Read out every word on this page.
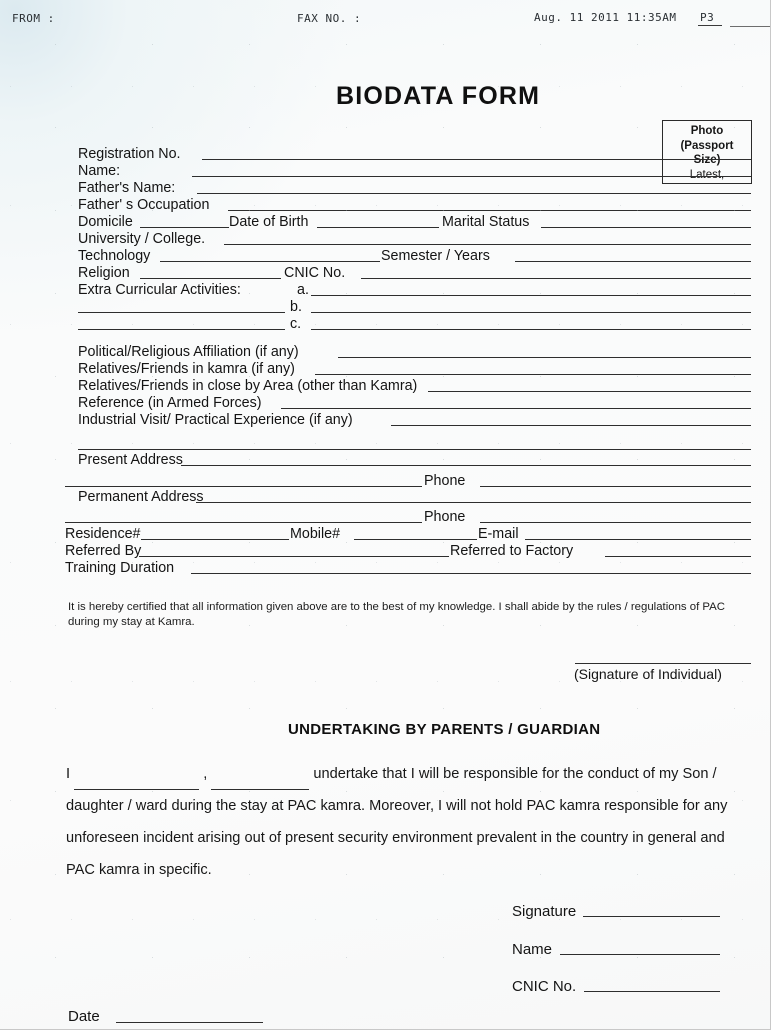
FROM :	FAX NO. :	Aug. 11 2011 11:35AM P3
BIODATA FORM
Photo
(Passport
Size)
Latest,
Registration No.
Name:
Father's Name:
Father' s Occupation
Domicile	Date of Birth	Marital Status
University / College.
Technology	Semester / Years
Religion	CNIC No.
Extra Curricular Activities:	a.
b.
c.
Political/Religious Affiliation (if any)
Relatives/Friends in kamra (if any)
Relatives/Friends in close by Area (other than Kamra)
Reference (in Armed Forces)
Industrial Visit/ Practical Experience (if any)
Present Address
Phone
Permanent Address
Phone
Residence#	Mobile#	E-mail
Referred By	Referred to Factory
Training Duration
It is hereby certified that all information given above are to the best of my knowledge. I shall abide by the rules / regulations of PAC during my stay at Kamra.
(Signature of Individual)
UNDERTAKING BY PARENTS / GUARDIAN
I	,	undertake that I will be responsible for the conduct of my Son / daughter / ward during the stay at PAC kamra. Moreover, I will not hold PAC kamra responsible for any unforeseen incident arising out of present security environment prevalent in the country in general and PAC kamra in specific.
Signature
Name
CNIC No.
Date
